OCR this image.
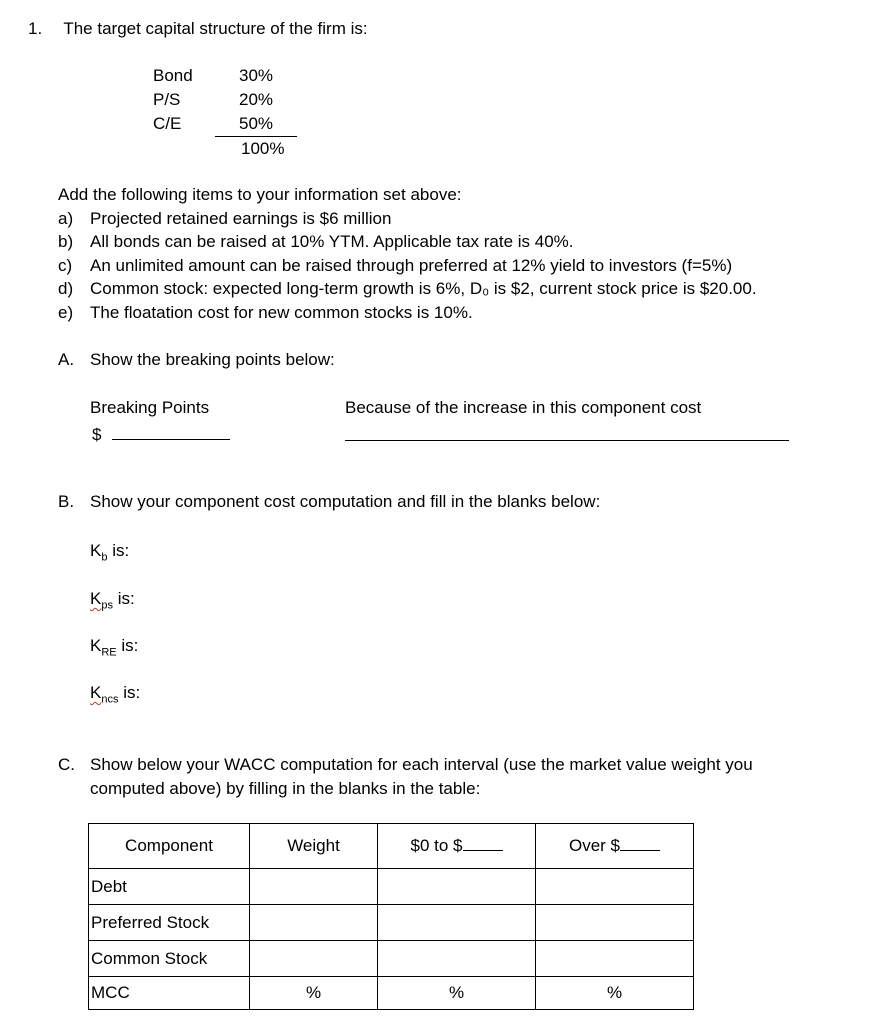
1. The target capital structure of the firm is:
Bond	30%
P/S	20%
C/E	50%
	100%
Add the following items to your information set above:
a) Projected retained earnings is $6 million
b) All bonds can be raised at 10% YTM. Applicable tax rate is 40%.
c) An unlimited amount can be raised through preferred at 12% yield to investors (f=5%)
d) Common stock: expected long-term growth is 6%, D₀ is $2, current stock price is $20.00.
e) The floatation cost for new common stocks is 10%.
A. Show the breaking points below:
Breaking Points	Because of the increase in this component cost
$
B. Show your component cost computation and fill in the blanks below:
$K_b$ is:
$K_{ps}$ is:
$K_{RE}$ is:
$K_{ncs}$ is:
C. Show below your WACC computation for each interval (use the market value weight you
computed above) by filling in the blanks in the table:
Component	Weight	$0 to $	Over $
Debt			
Preferred Stock			
Common Stock			
MCC	%	%	%
